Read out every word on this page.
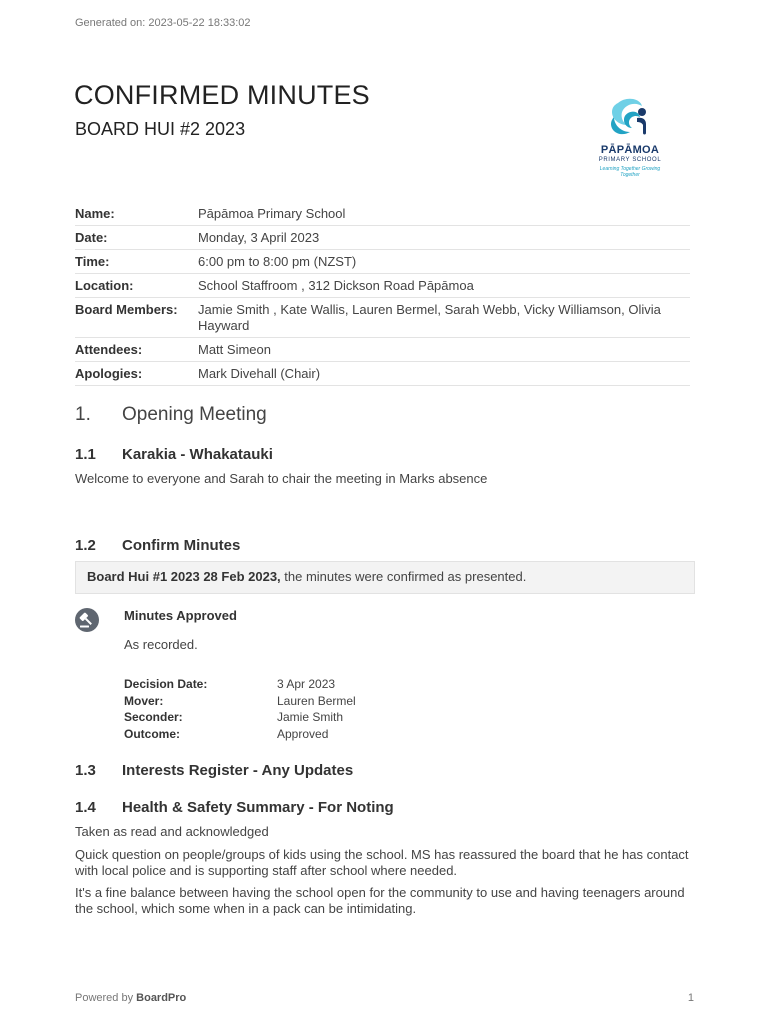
Generated on: 2023-05-22 18:33:02
CONFIRMED MINUTES
BOARD HUI #2 2023
PĀPĀMOA
PRIMARY SCHOOL
Learning Together Growing Together
Name:	Pāpāmoa Primary School
Date:	Monday, 3 April 2023
Time:	6:00 pm to 8:00 pm (NZST)
Location:	School Staffroom , 312 Dickson Road Pāpāmoa
Board Members:	Jamie Smith , Kate Wallis, Lauren Bermel, Sarah Webb, Vicky Williamson, Olivia Hayward
Attendees:	Matt Simeon
Apologies:	Mark Divehall (Chair)
1. Opening Meeting
1.1 Karakia - Whakatauki
Welcome to everyone and Sarah to chair the meeting in Marks absence
1.2 Confirm Minutes
Board Hui #1 2023 28 Feb 2023, the minutes were confirmed as presented.
Minutes Approved
As recorded.
Decision Date:	3 Apr 2023
Mover:	Lauren Bermel
Seconder:	Jamie Smith
Outcome:	Approved
1.3 Interests Register - Any Updates
1.4 Health & Safety Summary - For Noting
Taken as read and acknowledged
Quick question on people/groups of kids using the school. MS has reassured the board that he has contact with local police and is supporting staff after school where needed.
It's a fine balance between having the school open for the community to use and having teenagers around the school, which some when in a pack can be intimidating.
Powered by BoardPro	1
